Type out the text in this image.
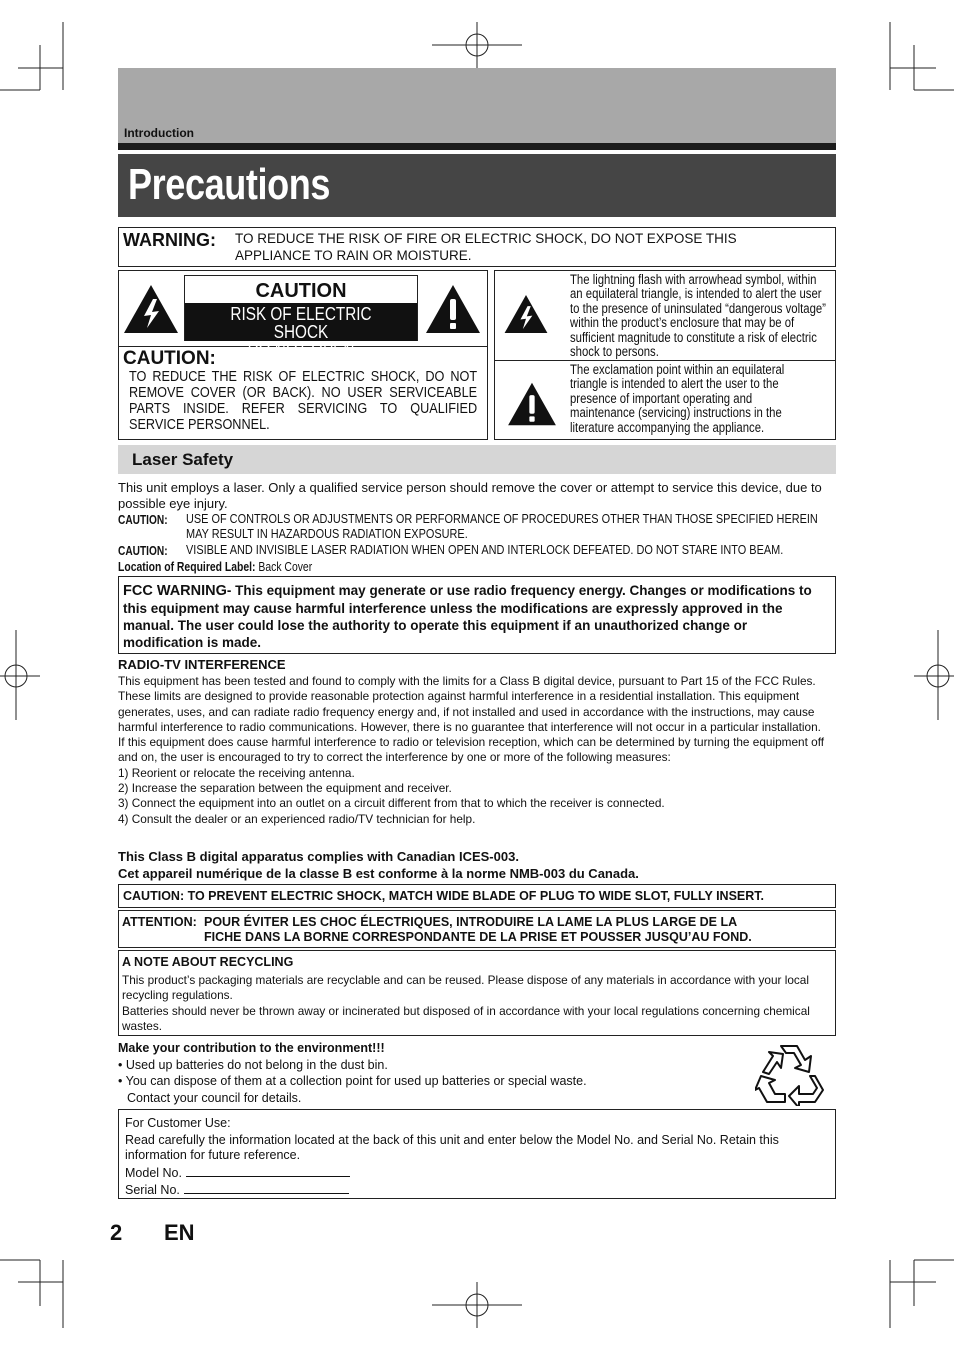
Introduction
Precautions
WARNING: TO REDUCE THE RISK OF FIRE OR ELECTRIC SHOCK, DO NOT EXPOSE THIS APPLIANCE TO RAIN OR MOISTURE.
CAUTION
RISK OF ELECTRIC SHOCK
DO NOT OPEN
CAUTION:
TO REDUCE THE RISK OF ELECTRIC SHOCK, DO NOT REMOVE COVER (OR BACK). NO USER SERVICEABLE PARTS INSIDE. REFER SERVICING TO QUALIFIED SERVICE PERSONNEL.
The lightning flash with arrowhead symbol, within an equilateral triangle, is intended to alert the user to the presence of uninsulated “dangerous voltage” within the product’s enclosure that may be of sufficient magnitude to constitute a risk of electric shock to persons.
The exclamation point within an equilateral triangle is intended to alert the user to the presence of important operating and maintenance (servicing) instructions in the literature accompanying the appliance.
Laser Safety
This unit employs a laser. Only a qualified service person should remove the cover or attempt to service this device, due to possible eye injury.
CAUTION: USE OF CONTROLS OR ADJUSTMENTS OR PERFORMANCE OF PROCEDURES OTHER THAN THOSE SPECIFIED HEREIN MAY RESULT IN HAZARDOUS RADIATION EXPOSURE.
CAUTION: VISIBLE AND INVISIBLE LASER RADIATION WHEN OPEN AND INTERLOCK DEFEATED. DO NOT STARE INTO BEAM.
Location of Required Label: Back Cover
FCC WARNING- This equipment may generate or use radio frequency energy. Changes or modifications to this equipment may cause harmful interference unless the modifications are expressly approved in the manual. The user could lose the authority to operate this equipment if an unauthorized change or modification is made.
RADIO-TV INTERFERENCE

This equipment has been tested and found to comply with the limits for a Class B digital device, pursuant to Part 15 of the FCC Rules. These limits are designed to provide reasonable protection against harmful interference in a residential installation. This equipment generates, uses, and can radiate radio frequency energy and, if not installed and used in accordance with the instructions, may cause harmful interference to radio communications. However, there is no guarantee that interference will not occur in a particular installation. If this equipment does cause harmful interference to radio or television reception, which can be determined by turning the equipment off and on, the user is encouraged to try to correct the interference by one or more of the following measures:

1) Reorient or relocate the receiving antenna.

2) Increase the separation between the equipment and receiver.

3) Connect the equipment into an outlet on a circuit different from that to which the receiver is connected.

4) Consult the dealer or an experienced radio/TV technician for help.

This Class B digital apparatus complies with Canadian ICES-003.
Cet appareil numérique de la classe B est conforme à la norme NMB-003 du Canada.
CAUTION: TO PREVENT ELECTRIC SHOCK, MATCH WIDE BLADE OF PLUG TO WIDE SLOT, FULLY INSERT.
ATTENTION: POUR ÉVITER LES CHOC ÉLECTRIQUES, INTRODUIRE LA LAME LA PLUS LARGE DE LA
FICHE DANS LA BORNE CORRESPONDANTE DE LA PRISE ET POUSSER JUSQU’AU FOND.
A NOTE ABOUT RECYCLING
This product’s packaging materials are recyclable and can be reused. Please dispose of any materials in accordance with your local recycling regulations.
Batteries should never be thrown away or incinerated but disposed of in accordance with your local regulations concerning chemical wastes.
Make your contribution to the environment!!!
• Used up batteries do not belong in the dust bin.
• You can dispose of them at a collection point for used up batteries or special waste.
Contact your council for details.
For Customer Use:
Read carefully the information located at the back of this unit and enter below the Model No. and Serial No. Retain this information for future reference.
Model No.
Serial No.
2 EN
